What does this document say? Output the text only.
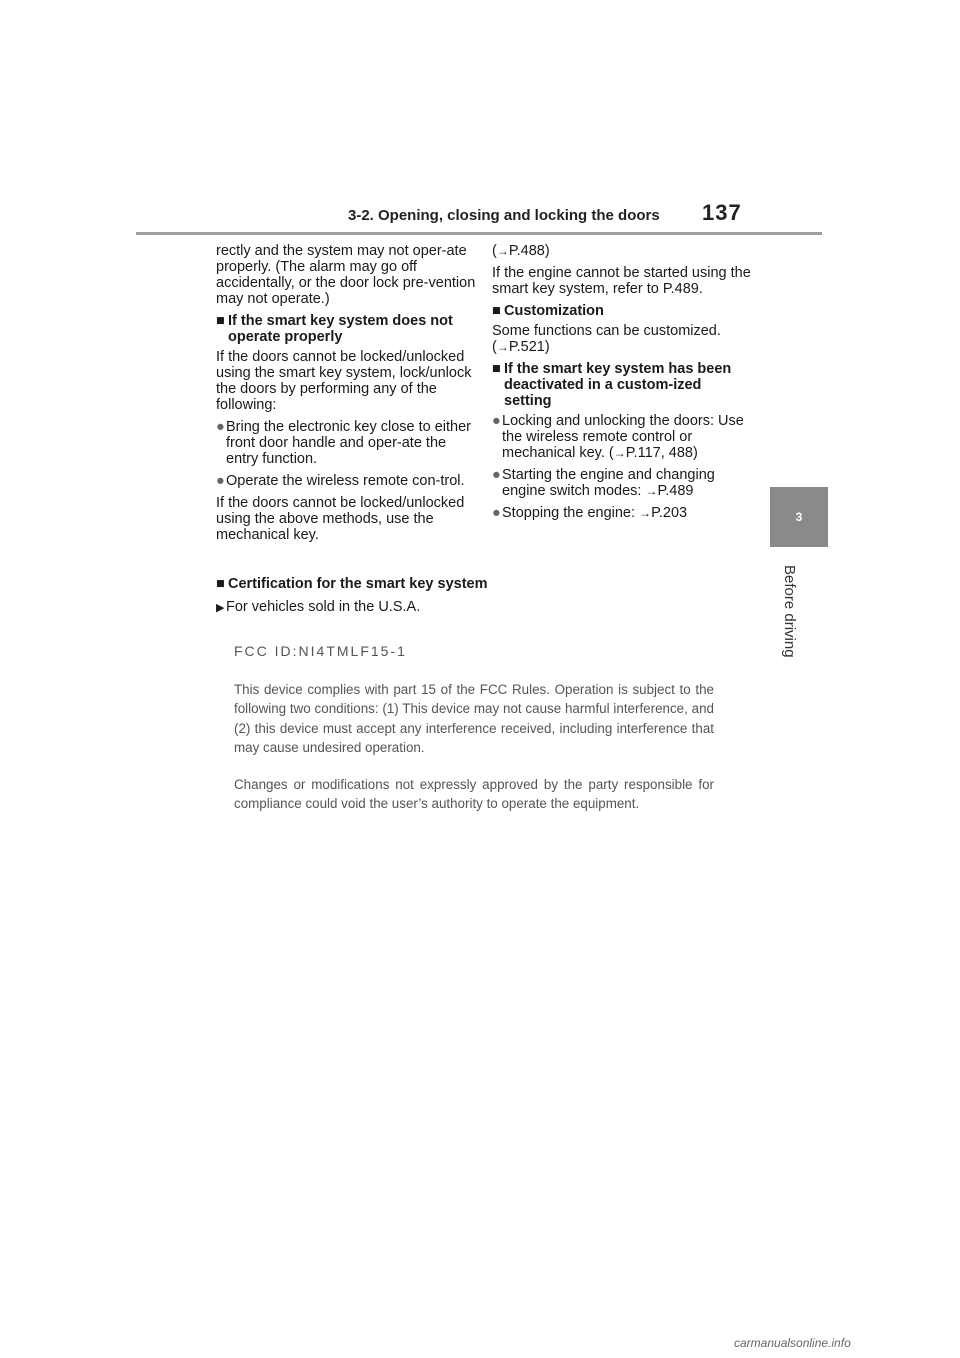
3-2. Opening, closing and locking the doors 137
3
Before driving

rectly and the system may not oper-ate properly. (The alarm may go off accidentally, or the door lock pre-vention may not operate.)

■ If the smart key system does not operate properly

If the doors cannot be locked/unlocked using the smart key system, lock/unlock the doors by performing any of the following:

● Bring the electronic key close to either front door handle and oper-ate the entry function.
● Operate the wireless remote con-trol.

If the doors cannot be locked/unlocked using the above methods, use the mechanical key.

(→P.488)

If the engine cannot be started using the smart key system, refer to P.489.

■ Customization

Some functions can be customized.
(→P.521)

■ If the smart key system has been deactivated in a custom-ized setting
● Locking and unlocking the doors: Use the wireless remote control or mechanical key. (→P.117, 488)
● Starting the engine and changing engine switch modes: →P.489
● Stopping the engine: →P.203
■ Certification for the smart key system
▶ For vehicles sold in the U.S.A.
FCC ID:NI4TMLF15-1

This device complies with part 15 of the FCC Rules. Operation is subject to the following two conditions: (1) This device may not cause harmful interference, and (2) this device must accept any interference received, including interference that may cause undesired operation.

Changes or modifications not expressly approved by the party responsible for compliance could void the user’s authority to operate the equipment.

carmanualsonline.info
